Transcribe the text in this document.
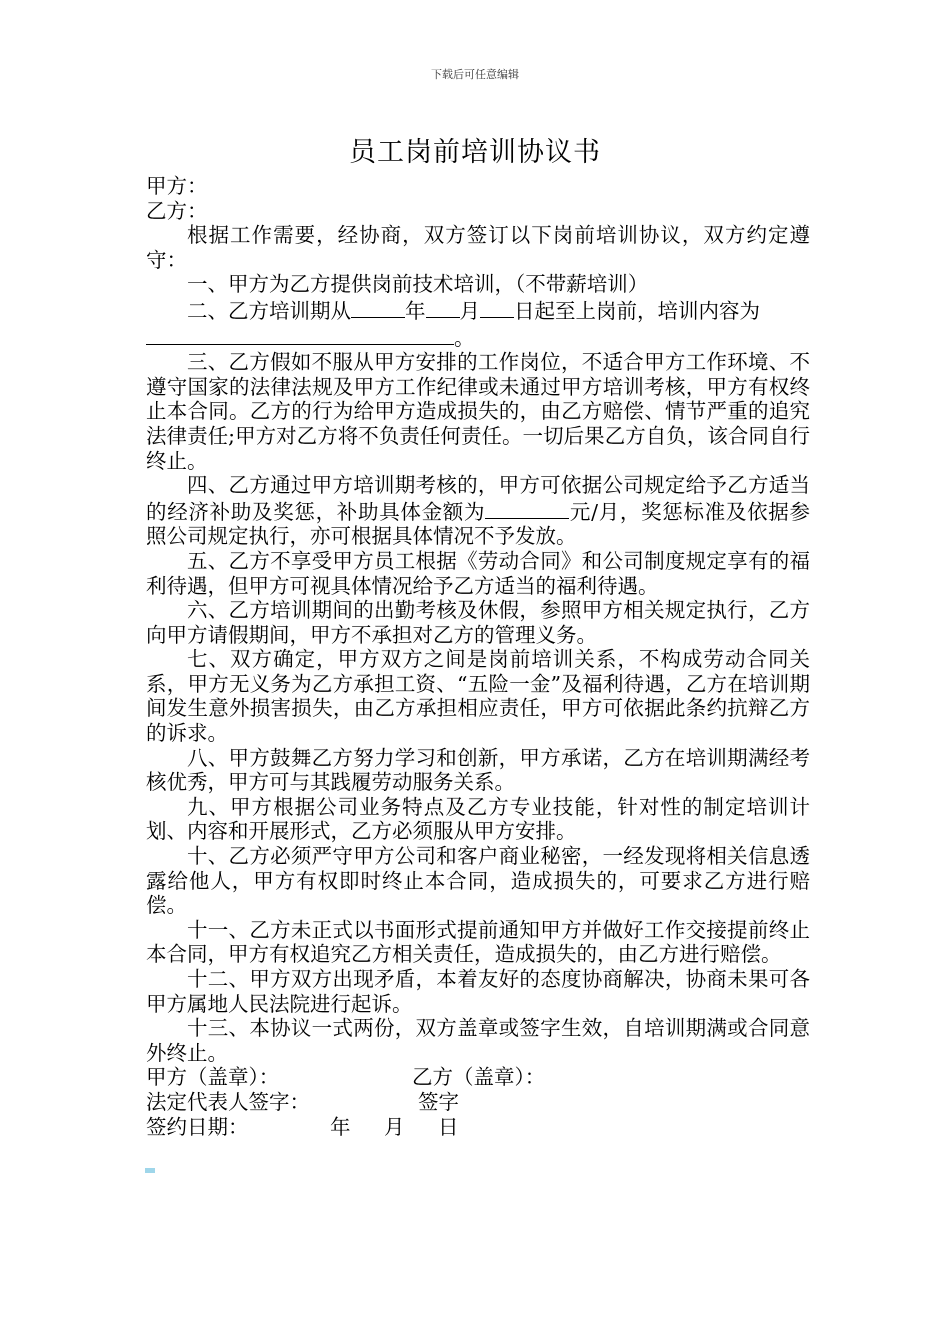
下载后可任意编辑
员工岗前培训协议书

甲方：

乙方：

根据工作需要，经协商，双方签订以下岗前培训协议，双方约定遵守：

一、甲方为乙方提供岗前技术培训，（不带薪培训）

二、乙方培训期从	年 月 日起至上岗前，培训内容为
。

三、乙方假如不服从甲方安排的工作岗位，不适合甲方工作环境、不遵守国家的法律法规及甲方工作纪律或未通过甲方培训考核，甲方有权终止本合同。乙方的行为给甲方造成损失的，由乙方赔偿、情节严重的追究法律责任;甲方对乙方将不负责任何责任。一切后果乙方自负，该合同自行终止。

四、乙方通过甲方培训期考核的，甲方可依据公司规定给予乙方适当的经济补助及奖惩，补助具体金额为	元/月，奖惩标准及依据参照公司规定执行，亦可根据具体情况不予发放。

五、乙方不享受甲方员工根据《劳动合同》和公司制度规定享有的福利待遇，但甲方可视具体情况给予乙方适当的福利待遇。

六、乙方培训期间的出勤考核及休假，参照甲方相关规定执行，乙方向甲方请假期间，甲方不承担对乙方的管理义务。

七、双方确定，甲方双方之间是岗前培训关系，不构成劳动合同关系，甲方无义务为乙方承担工资、“五险一金”及福利待遇，乙方在培训期间发生意外损害损失，由乙方承担相应责任，甲方可依据此条约抗辩乙方的诉求。

八、甲方鼓舞乙方努力学习和创新，甲方承诺，乙方在培训期满经考核优秀，甲方可与其践履劳动服务关系。

九、甲方根据公司业务特点及乙方专业技能，针对性的制定培训计划、内容和开展形式，乙方必须服从甲方安排。

十、乙方必须严守甲方公司和客户商业秘密，一经发现将相关信息透露给他人，甲方有权即时终止本合同，造成损失的，可要求乙方进行赔偿。

十一、乙方未正式以书面形式提前通知甲方并做好工作交接提前终止本合同，甲方有权追究乙方相关责任，造成损失的，由乙方进行赔偿。

十二、甲方双方出现矛盾，本着友好的态度协商解决，协商未果可各甲方属地人民法院进行起诉。

十三、本协议一式两份，双方盖章或签字生效，自培训期满或合同意外终止。

甲方（盖章）：	乙方（盖章）：
法定代表人签字：	签字
签约日期：	年 月 日
